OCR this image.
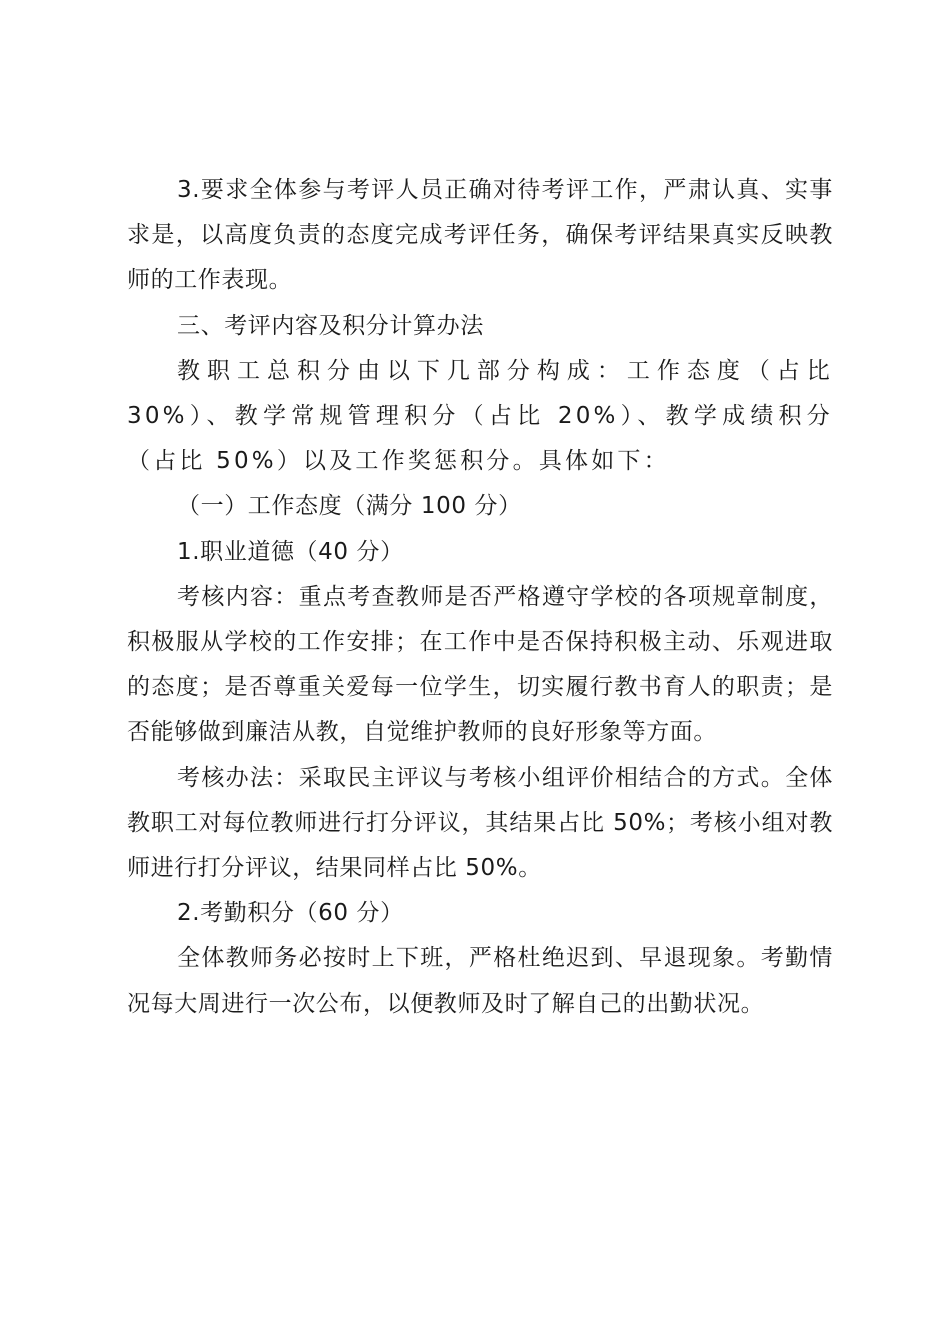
3.要求全体参与考评人员正确对待考评工作，严肃认真、实事求是，以高度负责的态度完成考评任务，确保考评结果真实反映教师的工作表现。

三、考评内容及积分计算办法

教职工总积分由以下几部分构成：工作态度（占比30%）、教学常规管理积分（占比 20%）、教学成绩积分（占比 50%）以及工作奖惩积分。具体如下：

（一）工作态度（满分 100 分）

1.职业道德（40 分）

考核内容：重点考查教师是否严格遵守学校的各项规章制度，积极服从学校的工作安排；在工作中是否保持积极主动、乐观进取的态度；是否尊重关爱每一位学生，切实履行教书育人的职责；是否能够做到廉洁从教，自觉维护教师的良好形象等方面。

考核办法：采取民主评议与考核小组评价相结合的方式。全体教职工对每位教师进行打分评议，其结果占比 50%；考核小组对教师进行打分评议，结果同样占比 50%。

2.考勤积分（60 分）

全体教师务必按时上下班，严格杜绝迟到、早退现象。考勤情况每大周进行一次公布，以便教师及时了解自己的出勤状况。
